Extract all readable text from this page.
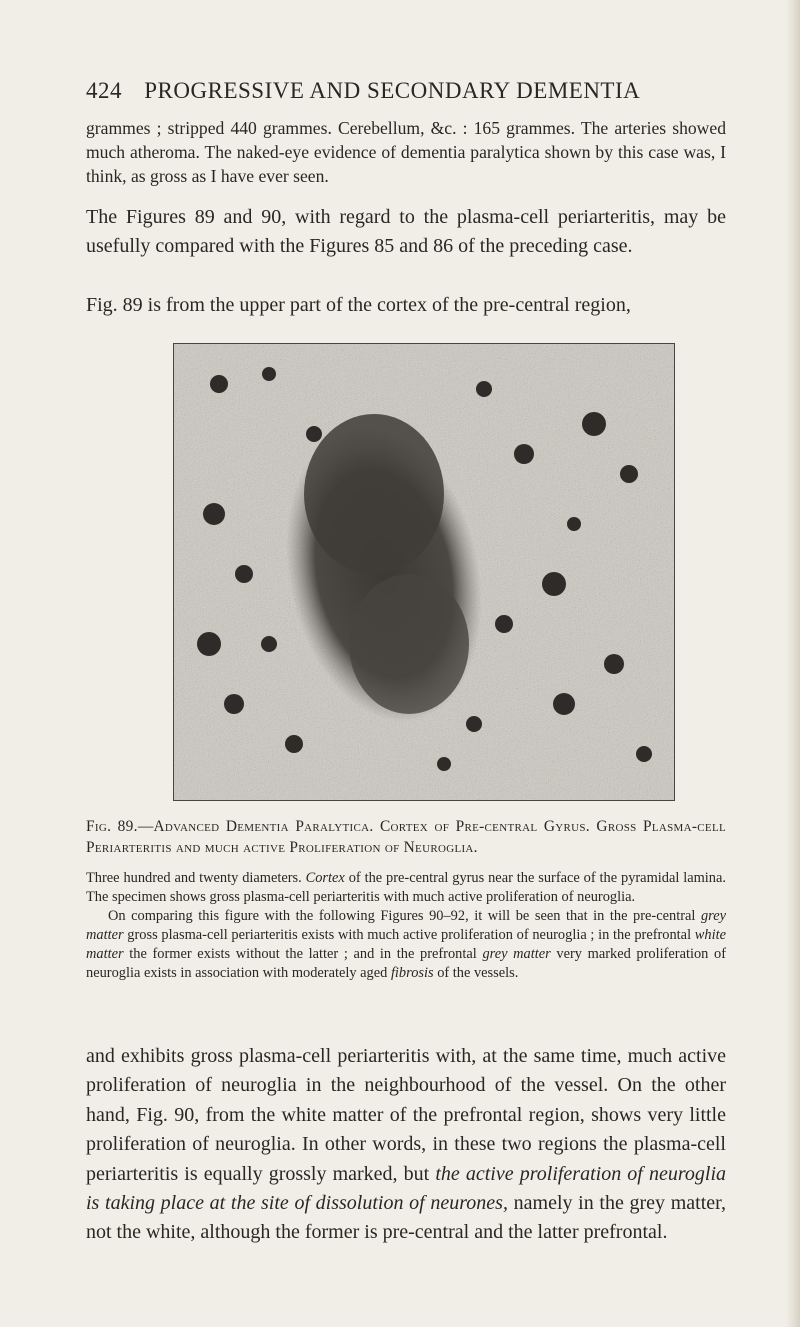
424 PROGRESSIVE AND SECONDARY DEMENTIA
grammes ; stripped 440 grammes. Cerebellum, &c. : 165 grammes. The arteries showed much atheroma. The naked-eye evidence of dementia paralytica shown by this case was, I think, as gross as I have ever seen.
The Figures 89 and 90, with regard to the plasma-cell periarteritis, may be usefully compared with the Figures 85 and 86 of the preceding case.
Fig. 89 is from the upper part of the cortex of the pre-central region,
Fig. 89.—Advanced Dementia Paralytica. Cortex of Pre-central Gyrus. Gross Plasma-cell Periarteritis and much active Proliferation of Neuroglia.

Three hundred and twenty diameters. Cortex of the pre-central gyrus near the surface of the pyramidal lamina. The specimen shows gross plasma-cell periarteritis with much active proliferation of neuroglia.

On comparing this figure with the following Figures 90–92, it will be seen that in the pre-central grey matter gross plasma-cell periarteritis exists with much active proliferation of neuroglia ; in the prefrontal white matter the former exists without the latter ; and in the prefrontal grey matter very marked proliferation of neuroglia exists in association with moderately aged fibrosis of the vessels.

and exhibits gross plasma-cell periarteritis with, at the same time, much active proliferation of neuroglia in the neighbourhood of the vessel. On the other hand, Fig. 90, from the white matter of the prefrontal region, shows very little proliferation of neuroglia. In other words, in these two regions the plasma-cell periarteritis is equally grossly marked, but the active proliferation of neuroglia is taking place at the site of dissolution of neurones, namely in the grey matter, not the white, although the former is pre-central and the latter prefrontal.
